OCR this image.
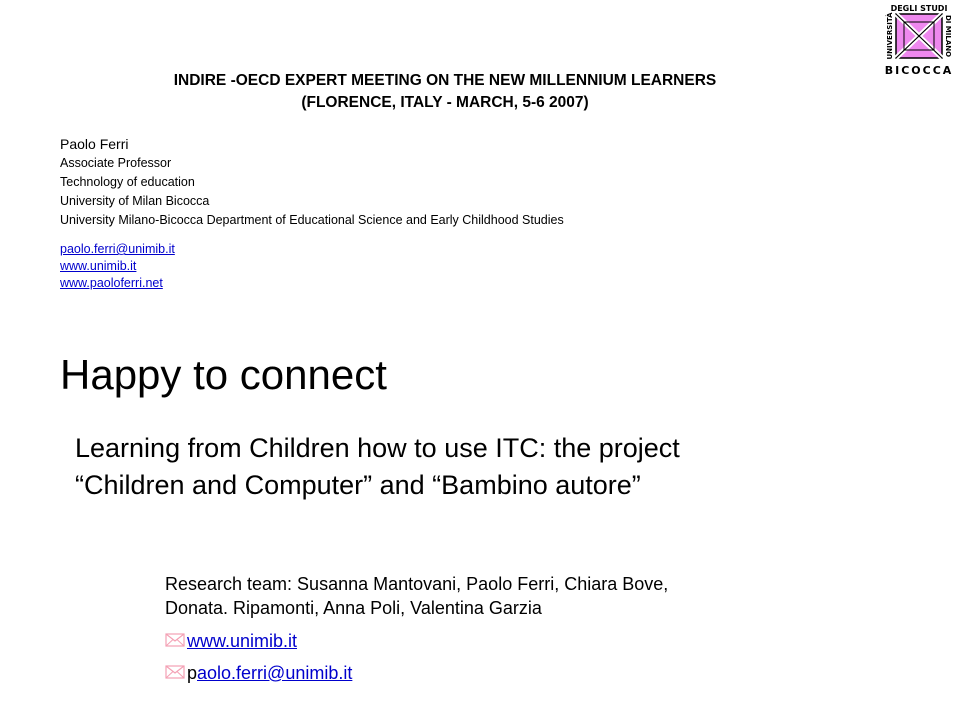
INDIRE -OECD EXPERT MEETING ON THE NEW MILLENNIUM LEARNERS
(FLORENCE, ITALY - MARCH, 5-6 2007)
Paolo Ferri
Associate Professor
Technology of education
University of Milan Bicocca
University Milano-Bicocca Department of Educational Science and Early Childhood Studies
paolo.ferri@unimib.it
www.unimib.it
www.paoloferri.net
Happy to connect
Learning from Children how to use ITC: the project
“Children and Computer” and “Bambino autore”
Research team: Susanna Mantovani, Paolo Ferri, Chiara Bove,
Donata. Ripamonti, Anna Poli, Valentina Garzia
www.unimib.it
paolo.ferri@unimib.it
DEGLI STUDI
UNIVERSITÀ	DI MILANO
BICOCCA
